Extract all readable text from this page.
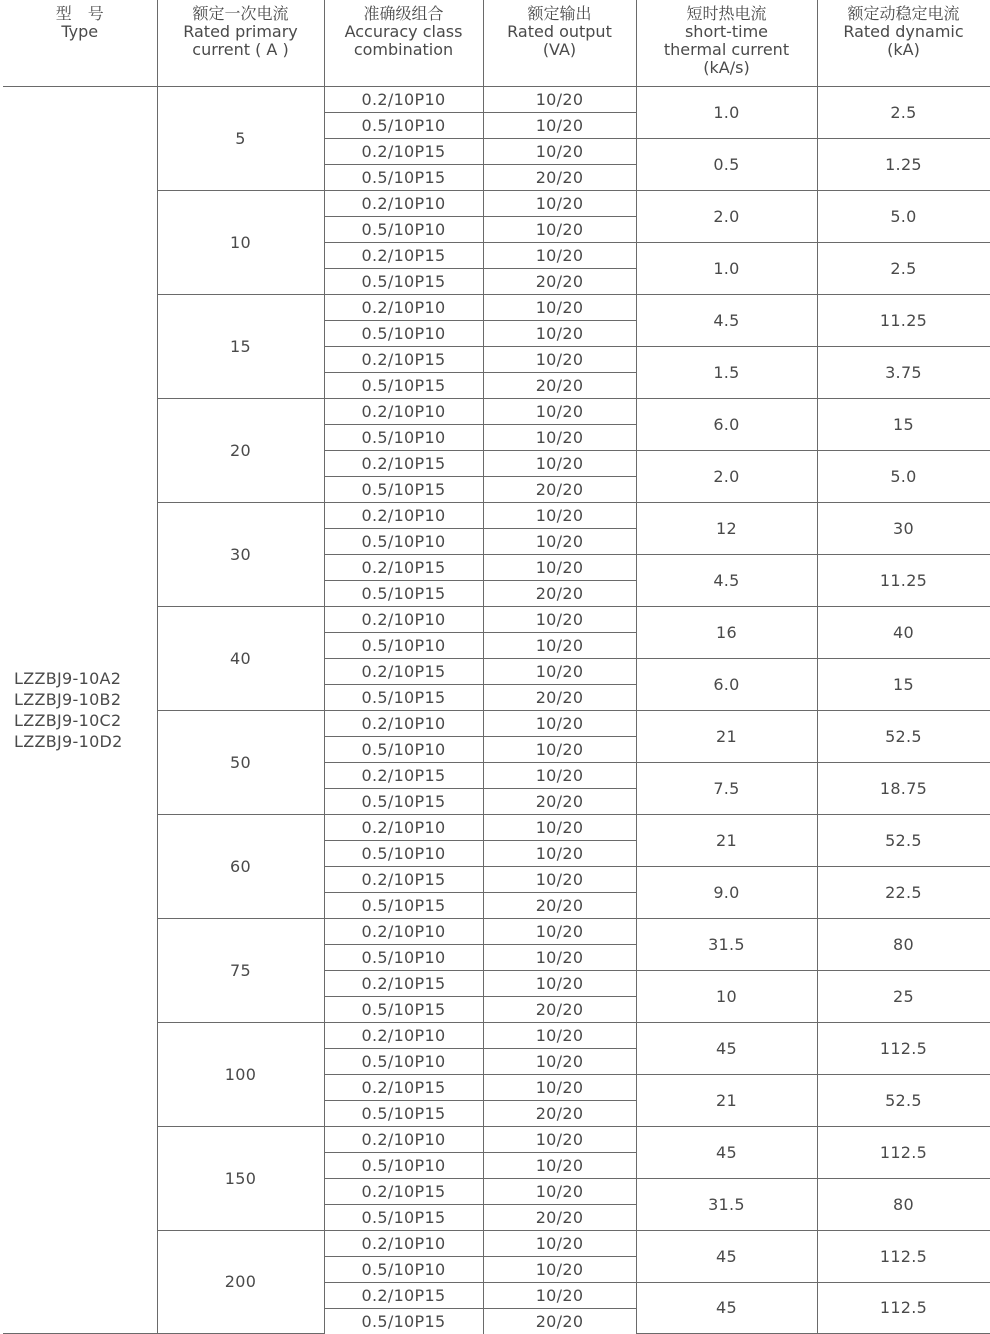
型　号
Type	额定一次电流
Rated primary
current ( A )	准确级组合
Accuracy class
combination	额定输出
Rated output
(VA)	短时热电流
short-time
thermal current
(kA/s)	额定动稳定电流
Rated dynamic
(kA)

LZZBJ9-10A2
LZZBJ9-10B2
LZZBJ9-10C2
LZZBJ9-10D2	5	0.2/10P10	10/20	1.0	2.5
		0.5/10P10	10/20		
		0.2/10P15	10/20	0.5	1.25
		0.5/10P15	20/20		
	10	0.2/10P10	10/20	2.0	5.0
		0.5/10P10	10/20		
		0.2/10P15	10/20	1.0	2.5
		0.5/10P15	20/20		
	15	0.2/10P10	10/20	4.5	11.25
		0.5/10P10	10/20		
		0.2/10P15	10/20	1.5	3.75
		0.5/10P15	20/20		
	20	0.2/10P10	10/20	6.0	15
		0.5/10P10	10/20		
		0.2/10P15	10/20	2.0	5.0
		0.5/10P15	20/20		
	30	0.2/10P10	10/20	12	30
		0.5/10P10	10/20		
		0.2/10P15	10/20	4.5	11.25
		0.5/10P15	20/20		
	40	0.2/10P10	10/20	16	40
		0.5/10P10	10/20		
		0.2/10P15	10/20	6.0	15
		0.5/10P15	20/20		
	50	0.2/10P10	10/20	21	52.5
		0.5/10P10	10/20		
		0.2/10P15	10/20	7.5	18.75
		0.5/10P15	20/20		
	60	0.2/10P10	10/20	21	52.5
		0.5/10P10	10/20		
		0.2/10P15	10/20	9.0	22.5
		0.5/10P15	20/20		
	75	0.2/10P10	10/20	31.5	80
		0.5/10P10	10/20		
		0.2/10P15	10/20	10	25
		0.5/10P15	20/20		
	100	0.2/10P10	10/20	45	112.5
		0.5/10P10	10/20		
		0.2/10P15	10/20	21	52.5
		0.5/10P15	20/20		
	150	0.2/10P10	10/20	45	112.5
		0.5/10P10	10/20		
		0.2/10P15	10/20	31.5	80
		0.5/10P15	20/20		
	200	0.2/10P10	10/20	45	112.5
		0.5/10P10	10/20		
		0.2/10P15	10/20	45	112.5
		0.5/10P15	20/20		
